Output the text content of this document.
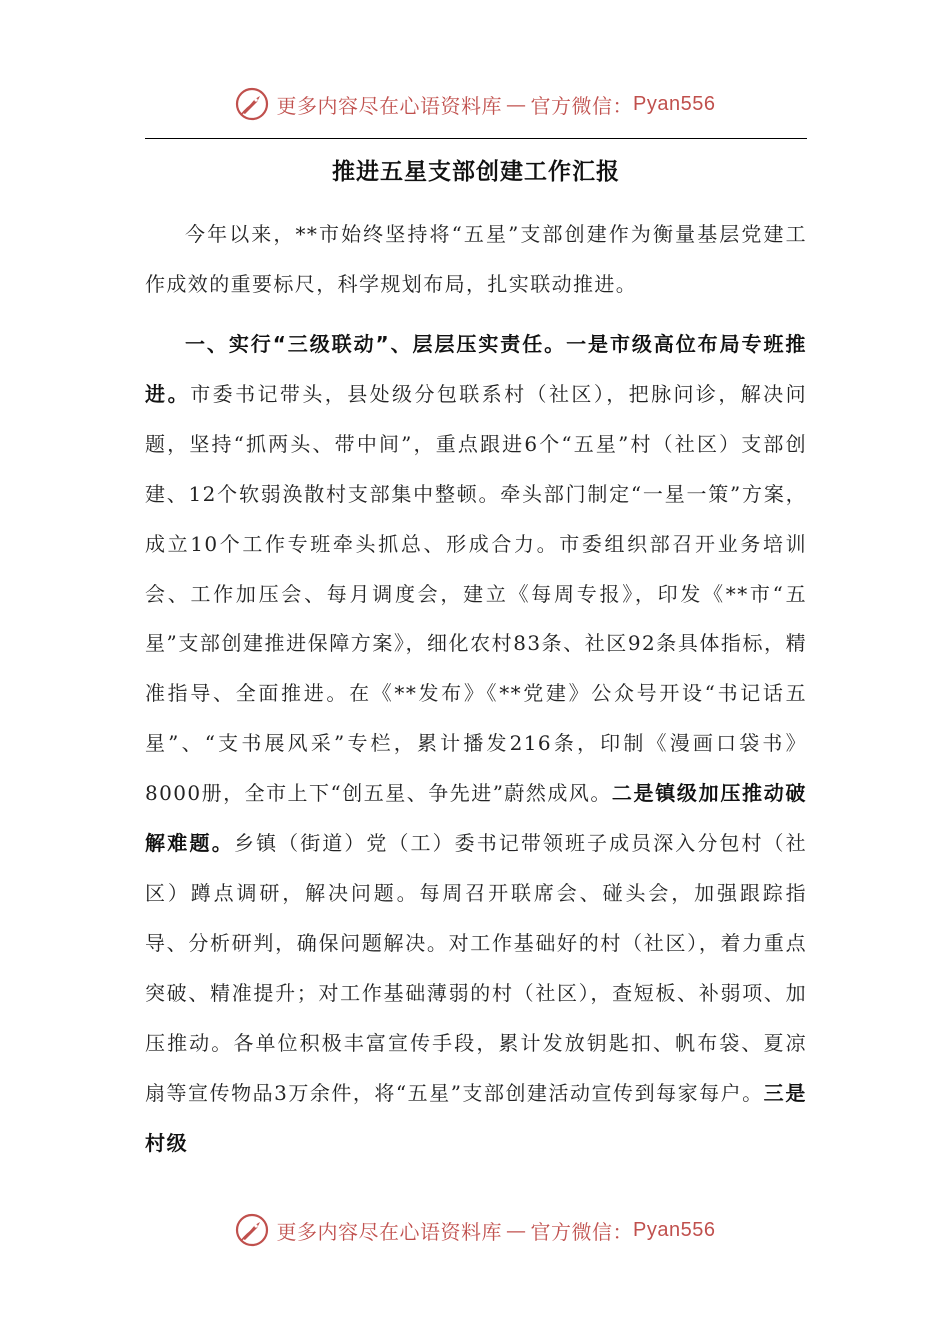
更多内容尽在心语资料库 — 官方微信： Pyan556
推进五星支部创建工作汇报

今年以来，**市始终坚持将“五星”支部创建作为衡量基层党建工作成效的重要标尺，科学规划布局，扎实联动推进。

一、实行“三级联动”、层层压实责任。一是市级高位布局专班推进。市委书记带头，县处级分包联系村（社区），把脉问诊，解决问题，坚持“抓两头、带中间”，重点跟进6个“五星”村（社区）支部创建、12个软弱涣散村支部集中整顿。牵头部门制定“一星一策”方案，成立10个工作专班牵头抓总、形成合力。市委组织部召开业务培训会、工作加压会、每月调度会，建立《每周专报》，印发《**市“五星”支部创建推进保障方案》，细化农村83条、社区92条具体指标，精准指导、全面推进。在《**发布》《**党建》公众号开设“书记话五星”、“支书展风采”专栏，累计播发216条，印制《漫画口袋书》8000册，全市上下“创五星、争先进”蔚然成风。二是镇级加压推动破解难题。乡镇（街道）党（工）委书记带领班子成员深入分包村（社区）蹲点调研，解决问题。每周召开联席会、碰头会，加强跟踪指导、分析研判，确保问题解决。对工作基础好的村（社区），着力重点突破、精准提升；对工作基础薄弱的村（社区），查短板、补弱项、加压推动。各单位积极丰富宣传手段，累计发放钥匙扣、帆布袋、夏凉扇等宣传物品3万余件，将“五星”支部创建活动宣传到每家每户。三是村级

更多内容尽在心语资料库 — 官方微信： Pyan556
